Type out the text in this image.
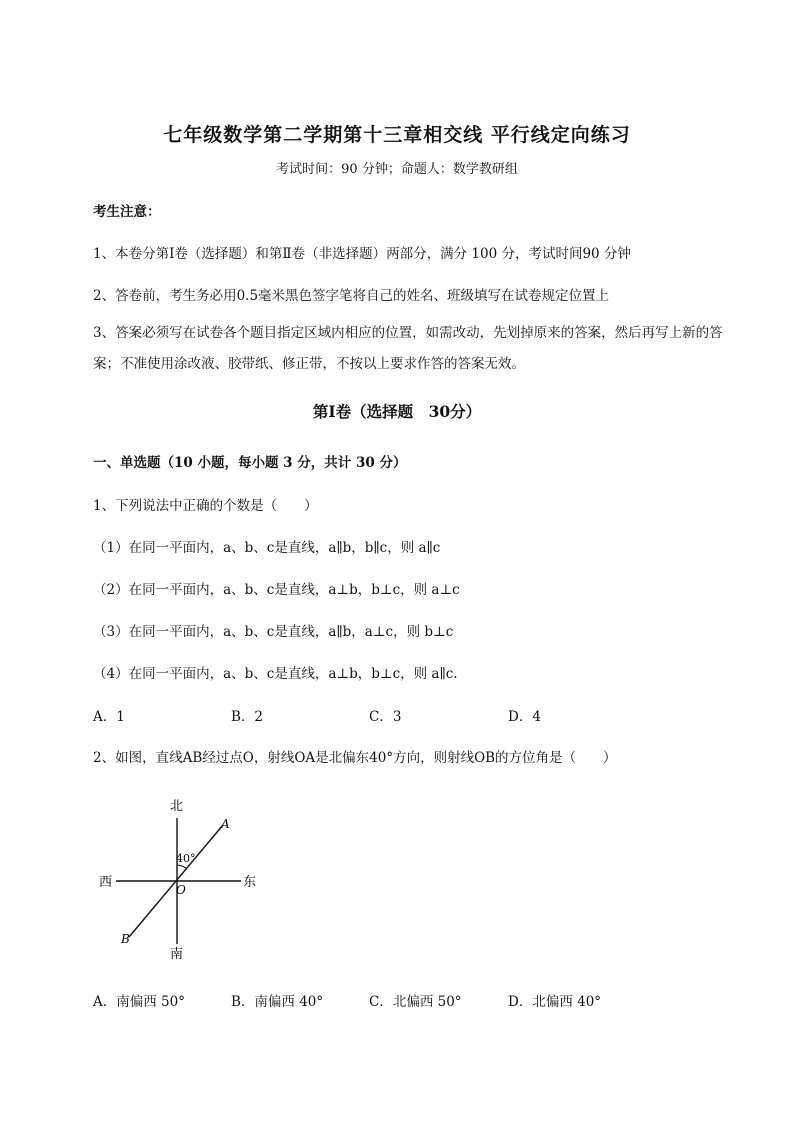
七年级数学第二学期第十三章相交线 平行线定向练习
考试时间：90 分钟；命题人：数学教研组
考生注意：
1、本卷分第Ⅰ卷（选择题）和第Ⅱ卷（非选择题）两部分，满分 100 分，考试时间90 分钟
2、答卷前，考生务必用0.5毫米黑色签字笔将自己的姓名、班级填写在试卷规定位置上
3、答案必须写在试卷各个题目指定区域内相应的位置，如需改动，先划掉原来的答案，然后再写上新的答案；不准使用涂改液、胶带纸、修正带，不按以上要求作答的答案无效。
第Ⅰ卷（选择题　30分）
一、单选题（10 小题，每小题 3 分，共计 30 分）
1、下列说法中正确的个数是（　　）
（1）在同一平面内，a、b、c是直线，a∥b，b∥c，则 a∥c
（2）在同一平面内，a、b、c是直线，a⊥b，b⊥c，则 a⊥c
（3）在同一平面内，a、b、c是直线，a∥b，a⊥c，则 b⊥c
（4）在同一平面内，a、b、c是直线，a⊥b，b⊥c，则 a∥c.
A．1	B．2	C．3	D．4
2、如图，直线AB经过点O，射线OA是北偏东40°方向，则射线OB的方位角是（　　）
北
南
西	东
A
B
O
40°
A．南偏西 50°	B．南偏西 40°	C．北偏西 50°	D．北偏西 40°
